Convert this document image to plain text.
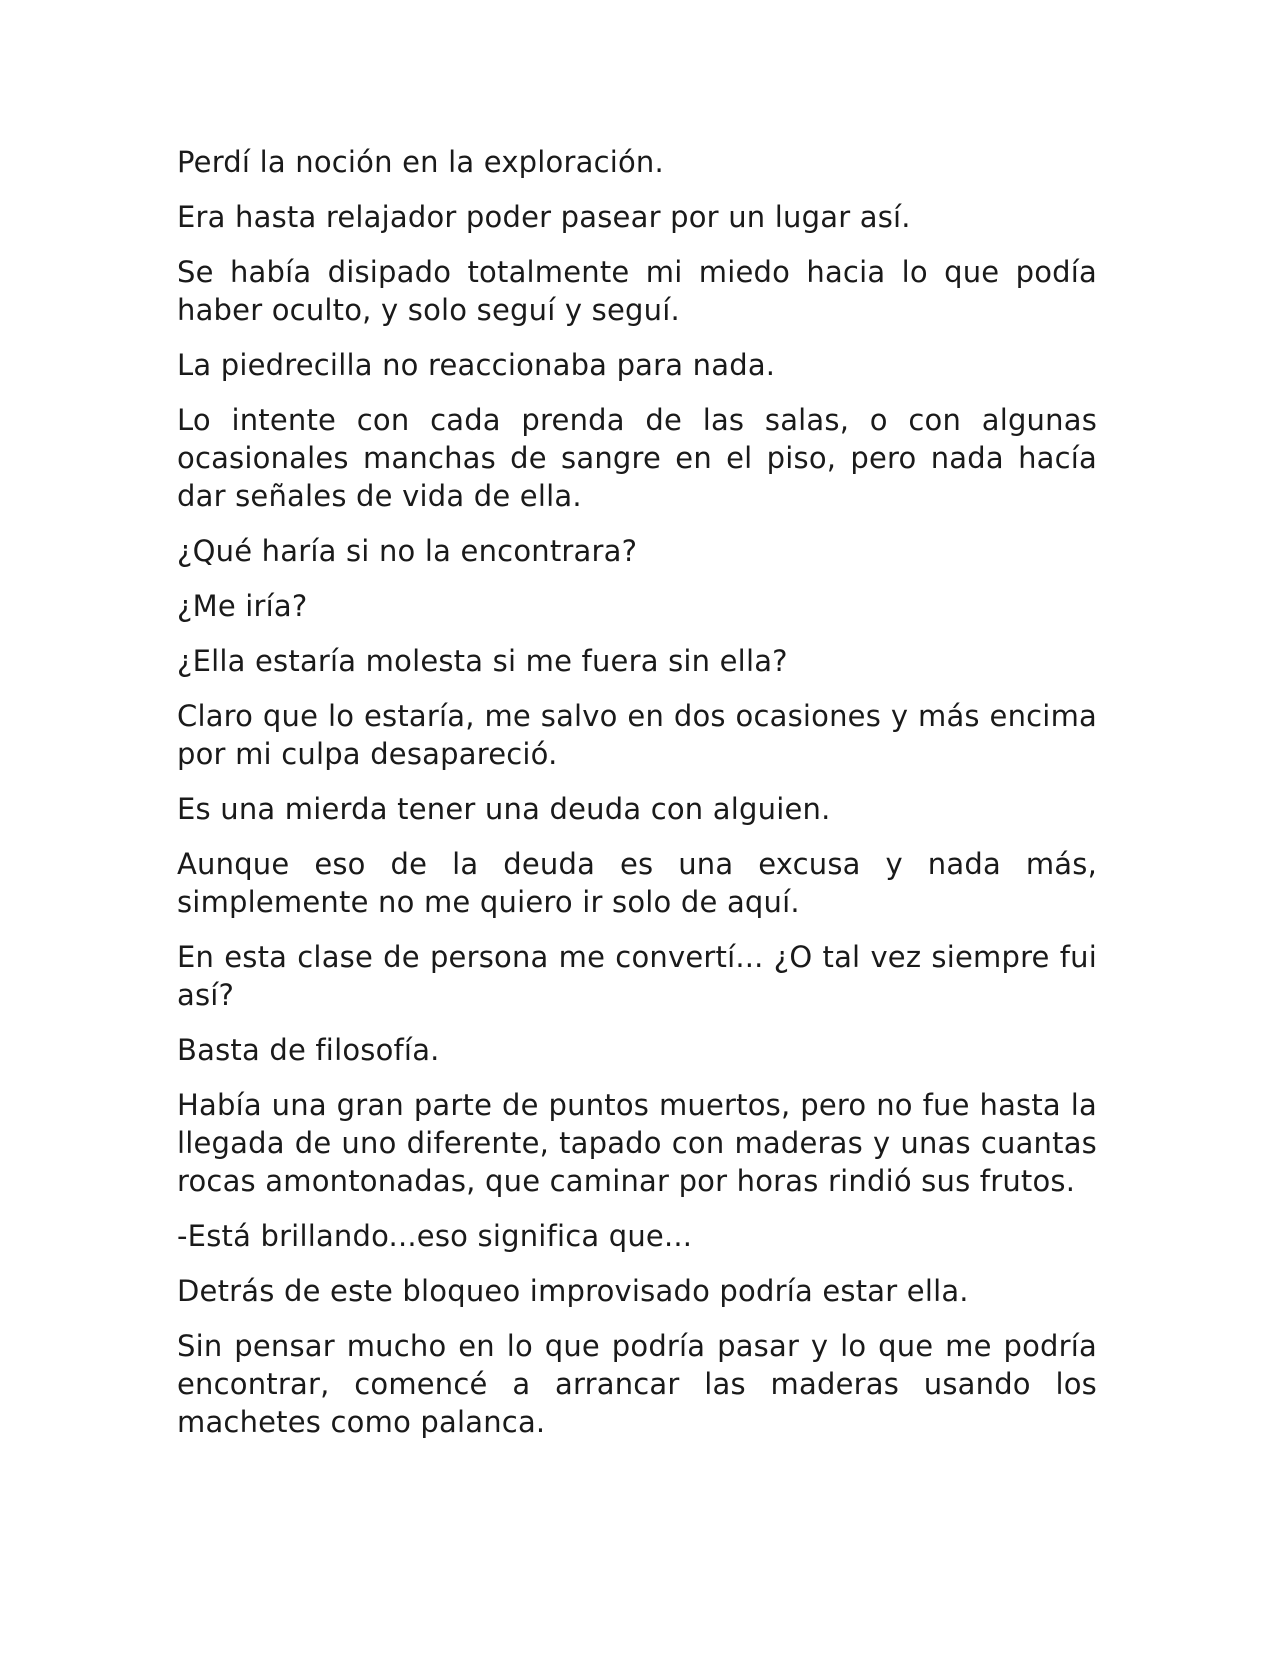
Perdí la noción en la exploración.

Era hasta relajador poder pasear por un lugar así.

Se había disipado totalmente mi miedo hacia lo que podía haber oculto, y solo seguí y seguí.

La piedrecilla no reaccionaba para nada.

Lo intente con cada prenda de las salas, o con algunas ocasionales manchas de sangre en el piso, pero nada hacía dar señales de vida de ella.

¿Qué haría si no la encontrara?

¿Me iría?

¿Ella estaría molesta si me fuera sin ella?

Claro que lo estaría, me salvo en dos ocasiones y más encima por mi culpa desapareció.

Es una mierda tener una deuda con alguien.

Aunque eso de la deuda es una excusa y nada más, simplemente no me quiero ir solo de aquí.

En esta clase de persona me convertí... ¿O tal vez siempre fui así?

Basta de filosofía.

Había una gran parte de puntos muertos, pero no fue hasta la llegada de uno diferente, tapado con maderas y unas cuantas rocas amontonadas, que caminar por horas rindió sus frutos.

-Está brillando...eso significa que...

Detrás de este bloqueo improvisado podría estar ella.

Sin pensar mucho en lo que podría pasar y lo que me podría encontrar, comencé a arrancar las maderas usando los machetes como palanca.
